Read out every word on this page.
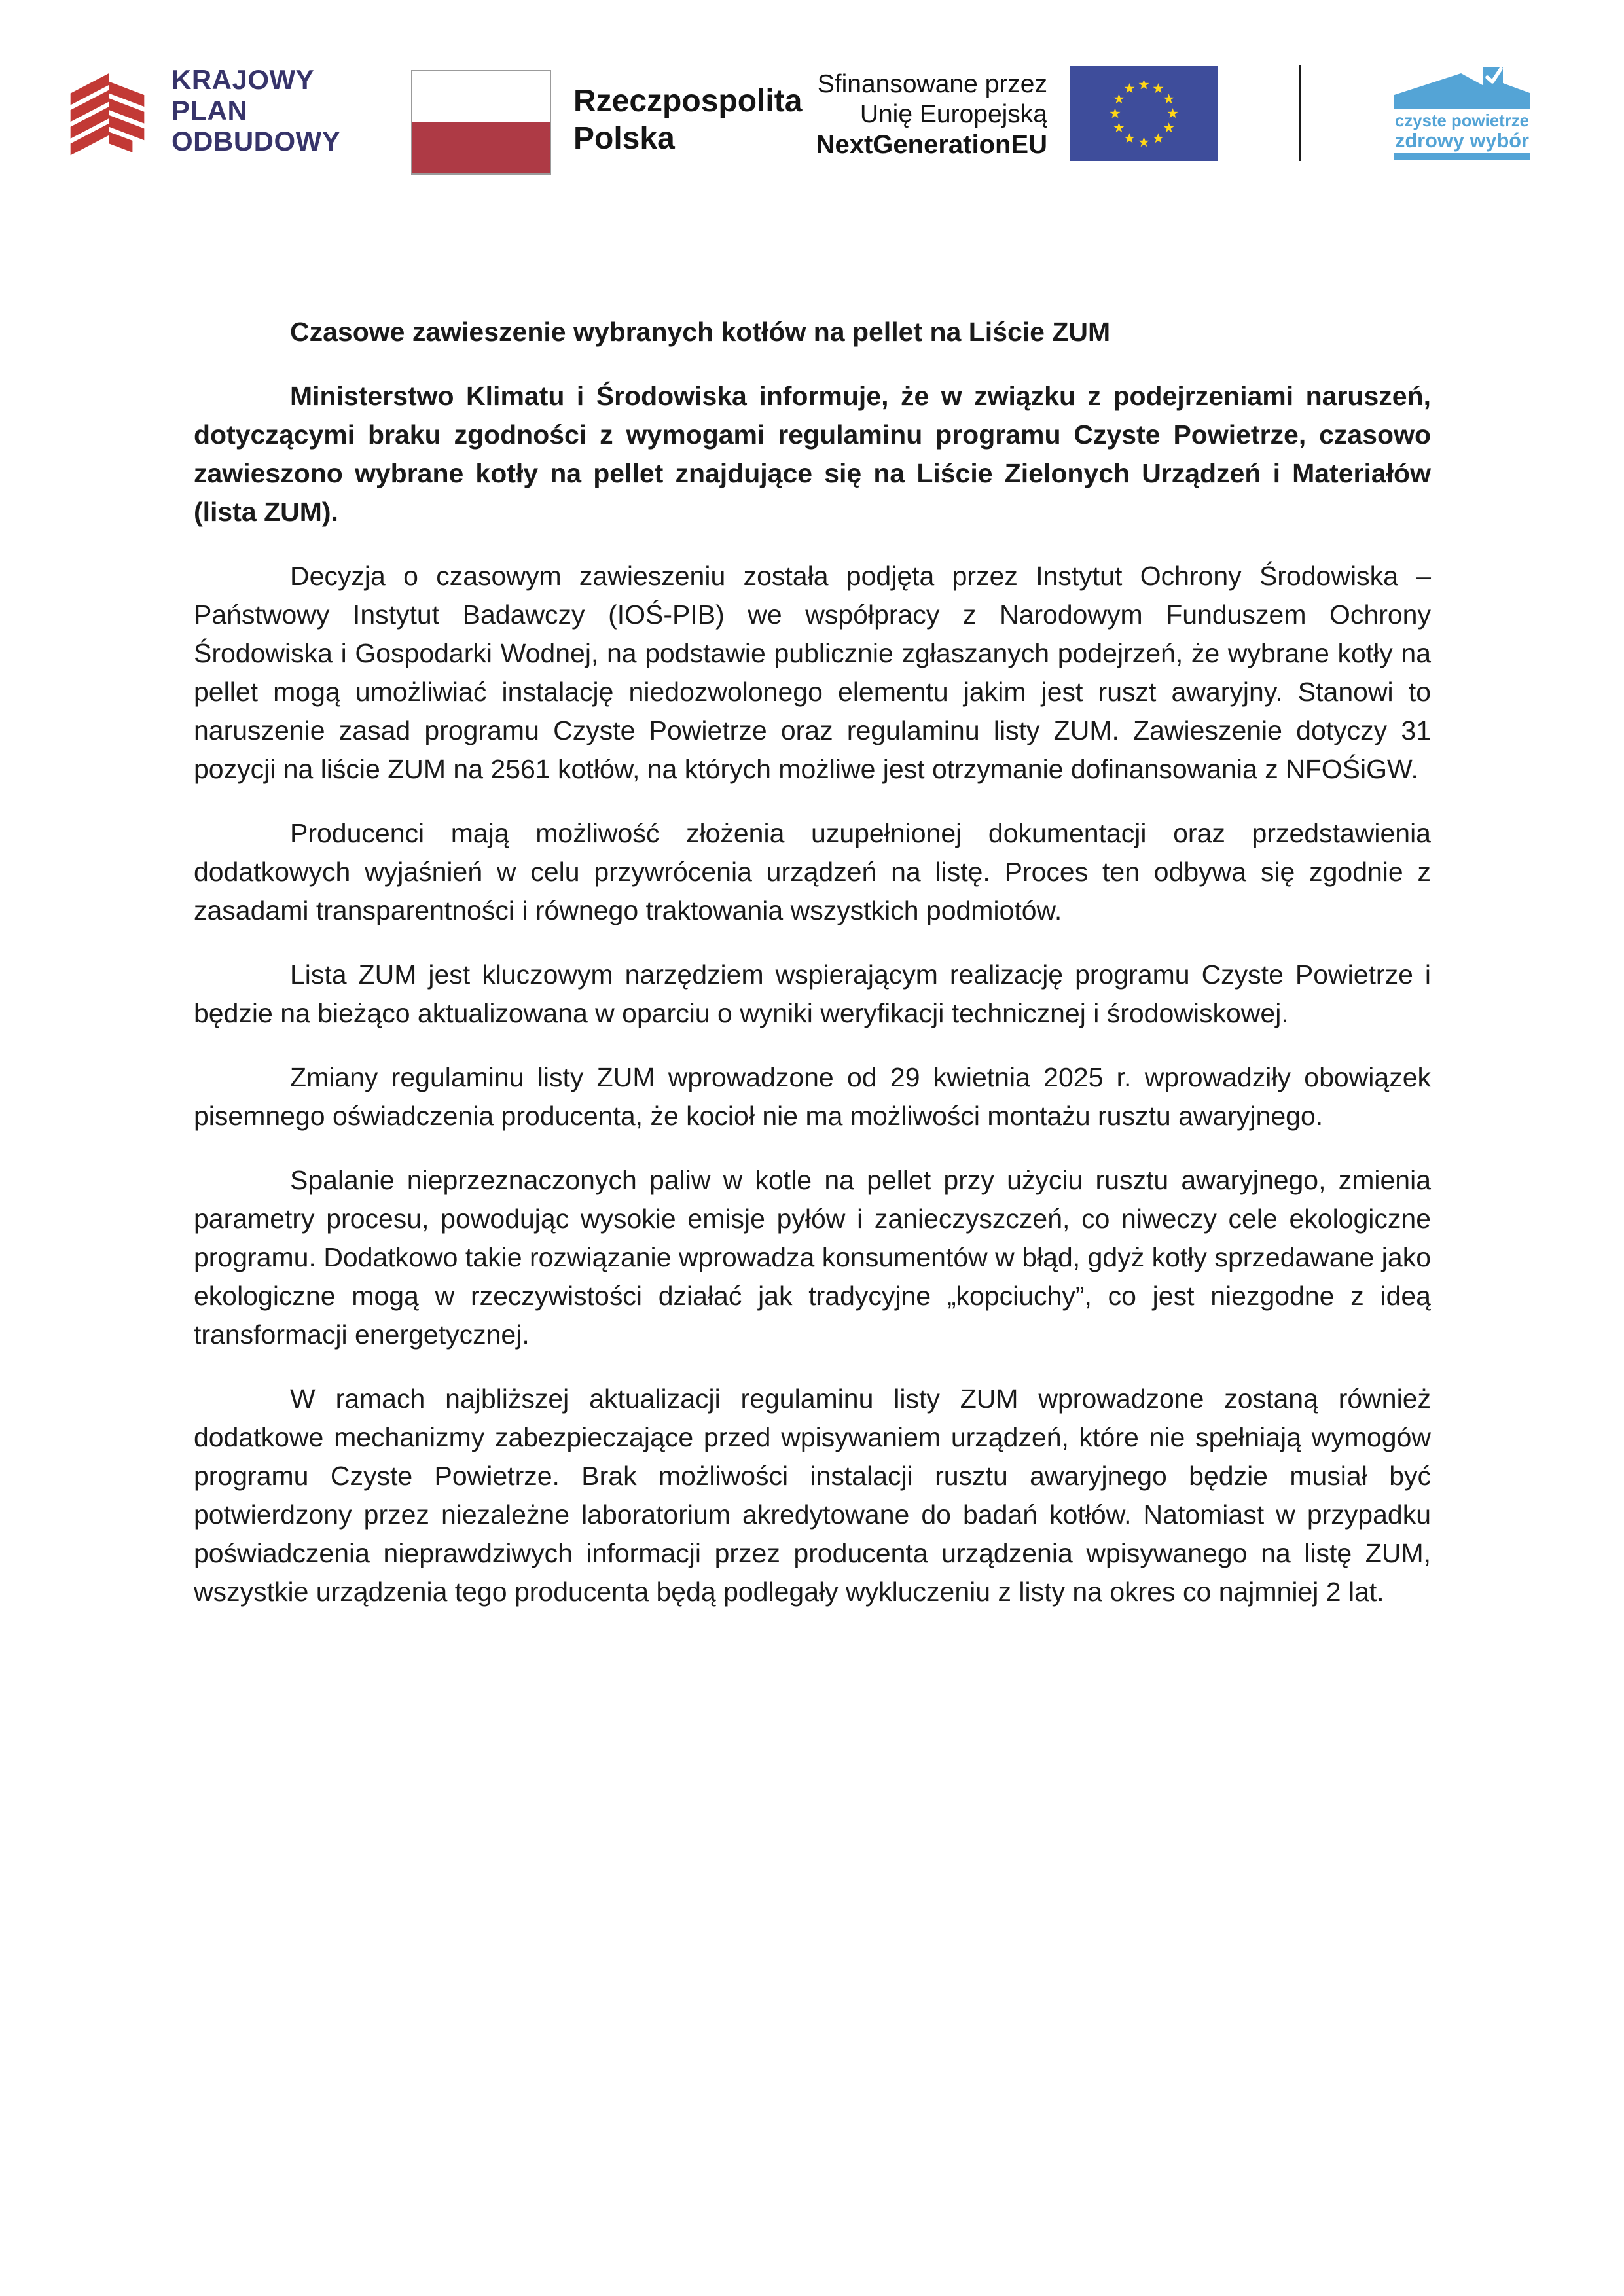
KRAJOWY
PLAN
ODBUDOWY
Rzeczpospolita
Polska
Sfinansowane przez
Unię Europejską
NextGenerationEU
czyste powietrze
zdrowy wybór
Czasowe zawieszenie wybranych kotłów na pellet na Liście ZUM

Ministerstwo Klimatu i Środowiska informuje, że w związku z podejrzeniami naruszeń, dotyczącymi braku zgodności z wymogami regulaminu programu Czyste Powietrze, czasowo zawieszono wybrane kotły na pellet znajdujące się na Liście Zielonych Urządzeń i Materiałów (lista ZUM).

Decyzja o czasowym zawieszeniu została podjęta przez Instytut Ochrony Środowiska – Państwowy Instytut Badawczy (IOŚ-PIB) we współpracy z Narodowym Funduszem Ochrony Środowiska i Gospodarki Wodnej, na podstawie publicznie zgłaszanych podejrzeń, że wybrane kotły na pellet mogą umożliwiać instalację niedozwolonego elementu jakim jest ruszt awaryjny. Stanowi to naruszenie zasad programu Czyste Powietrze oraz regulaminu listy ZUM. Zawieszenie dotyczy 31 pozycji na liście ZUM na 2561 kotłów, na których możliwe jest otrzymanie dofinansowania z NFOŚiGW.

Producenci mają możliwość złożenia uzupełnionej dokumentacji oraz przedstawienia dodatkowych wyjaśnień w celu przywrócenia urządzeń na listę. Proces ten odbywa się zgodnie z zasadami transparentności i równego traktowania wszystkich podmiotów.

Lista ZUM jest kluczowym narzędziem wspierającym realizację programu Czyste Powietrze i będzie na bieżąco aktualizowana w oparciu o wyniki weryfikacji technicznej i środowiskowej.

Zmiany regulaminu listy ZUM wprowadzone od 29 kwietnia 2025 r. wprowadziły obowiązek pisemnego oświadczenia producenta, że kocioł nie ma możliwości montażu rusztu awaryjnego.

Spalanie nieprzeznaczonych paliw w kotle na pellet przy użyciu rusztu awaryjnego, zmienia parametry procesu, powodując wysokie emisje pyłów i zanieczyszczeń, co niweczy cele ekologiczne programu. Dodatkowo takie rozwiązanie wprowadza konsumentów w błąd, gdyż kotły sprzedawane jako ekologiczne mogą w rzeczywistości działać jak tradycyjne „kopciuchy”, co jest niezgodne z ideą transformacji energetycznej.

W ramach najbliższej aktualizacji regulaminu listy ZUM wprowadzone zostaną również dodatkowe mechanizmy zabezpieczające przed wpisywaniem urządzeń, które nie spełniają wymogów programu Czyste Powietrze. Brak możliwości instalacji rusztu awaryjnego będzie musiał być potwierdzony przez niezależne laboratorium akredytowane do badań kotłów. Natomiast w przypadku poświadczenia nieprawdziwych informacji przez producenta urządzenia wpisywanego na listę ZUM, wszystkie urządzenia tego producenta będą podlegały wykluczeniu z listy na okres co najmniej 2 lat.
